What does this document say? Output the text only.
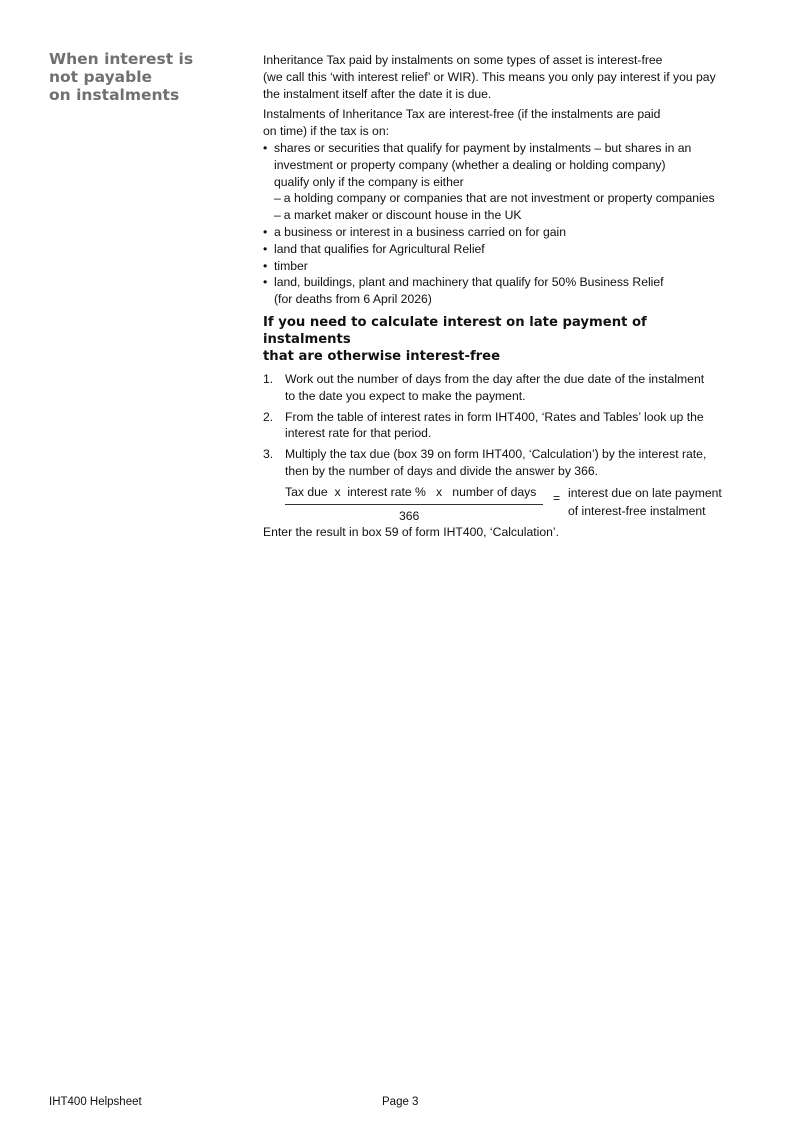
When interest is
not payable
on instalments

Inheritance Tax paid by instalments on some types of asset is interest-free
(we call this ‘with interest relief’ or WIR). This means you only pay interest if you pay
the instalment itself after the date it is due.

Instalments of Inheritance Tax are interest-free (if the instalments are paid
on time) if the tax is on:

• shares or securities that qualify for payment by instalments – but shares in an
investment or property company (whether a dealing or holding company)
qualify only if the company is either
– a holding company or companies that are not investment or property companies
– a market maker or discount house in the UK
• a business or interest in a business carried on for gain
• land that qualifies for Agricultural Relief
• timber
• land, buildings, plant and machinery that qualify for 50% Business Relief
(for deaths from 6 April 2026)
If you need to calculate interest on late payment of instalments
that are otherwise interest-free
1. Work out the number of days from the day after the due date of the instalment
to the date you expect to make the payment.
2. From the table of interest rates in form IHT400, ‘Rates and Tables’ look up the
interest rate for that period.
3. Multiply the tax due (box 39 on form IHT400, ‘Calculation’) by the interest rate,
then by the number of days and divide the answer by 366.
Tax due  x  interest rate %   x   number of days
366
= interest due on late payment
of interest-free instalment

Enter the result in box 59 of form IHT400, ‘Calculation’.

IHT400 Helpsheet	Page 3
